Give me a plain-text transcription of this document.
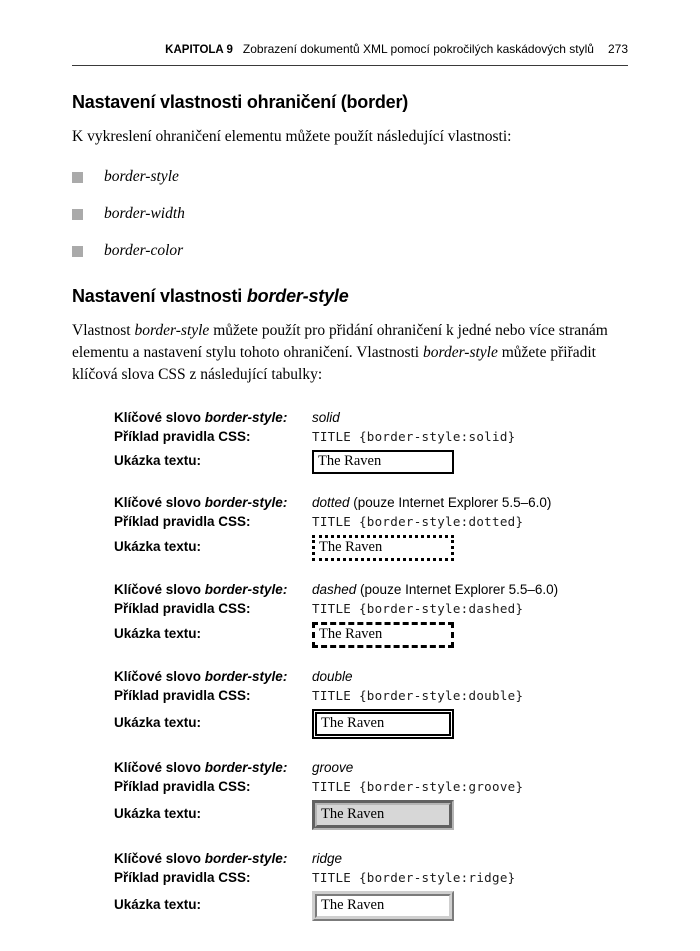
KAPITOLA 9 Zobrazení dokumentů XML pomocí pokročilých kaskádových stylů 273
Nastavení vlastnosti ohraničení (border)

K vykreslení ohraničení elementu můžete použít následující vlastnosti:

border-style
border-width
border-color
Nastavení vlastnosti border-style

Vlastnost border-style můžete použít pro přidání ohraničení k jedné nebo více stranám elementu a nastavení stylu tohoto ohraničení. Vlastnosti border-style můžete přiřadit klíčová slova CSS z následující tabulky:

Klíčové slovo border-style:	solid
Příklad pravidla CSS:	TITLE {border-style:solid}
Ukázka textu:	The Raven
Klíčové slovo border-style:	dotted (pouze Internet Explorer 5.5–6.0)
Příklad pravidla CSS:	TITLE {border-style:dotted}
Ukázka textu:	The Raven
Klíčové slovo border-style:	dashed (pouze Internet Explorer 5.5–6.0)
Příklad pravidla CSS:	TITLE {border-style:dashed}
Ukázka textu:	The Raven
Klíčové slovo border-style:	double
Příklad pravidla CSS:	TITLE {border-style:double}
Ukázka textu:	The Raven
Klíčové slovo border-style:	groove
Příklad pravidla CSS:	TITLE {border-style:groove}
Ukázka textu:	The Raven
Klíčové slovo border-style:	ridge
Příklad pravidla CSS:	TITLE {border-style:ridge}
Ukázka textu:	The Raven
